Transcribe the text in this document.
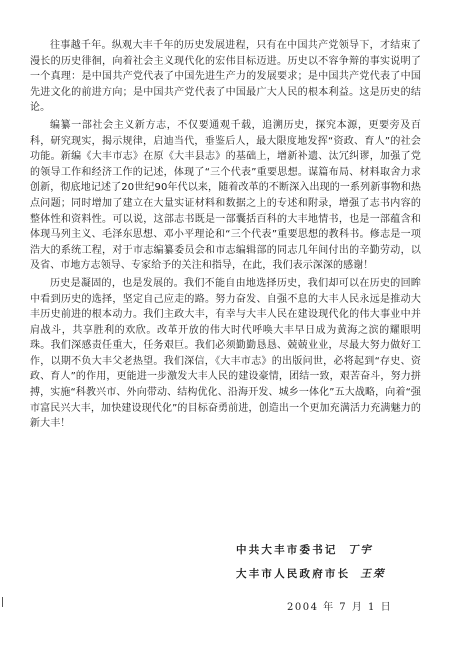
往事越千年。纵观大丰千年的历史发展进程，只有在中国共产党领导下，才结束了漫长的历史徘徊，向着社会主义现代化的宏伟目标迈进。历史以不容争辩的事实说明了一个真理：是中国共产党代表了中国先进生产力的发展要求；是中国共产党代表了中国先进文化的前进方向；是中国共产党代表了中国最广大人民的根本利益。这是历史的结论。

编纂一部社会主义新方志，不仅要通观千载，追溯历史，探究本源，更要旁及百科，研究现实，揭示规律，启迪当代，垂鉴后人，最大限度地发挥“资政、育人”的社会功能。新编《大丰市志》在原《大丰县志》的基础上，增新补遗、汰冗纠谬，加强了党的领导工作和经济工作的记述，体现了“三个代表”重要思想。谋篇布局、材料取舍力求创新，彻底地记述了20世纪90年代以来，随着改革的不断深入出现的一系列新事物和热点问题；同时增加了建立在大量实证材料和数据之上的专述和附录，增强了志书内容的整体性和资料性。可以说，这部志书既是一部囊括百科的大丰地情书，也是一部蕴含和体现马列主义、毛泽东思想、邓小平理论和“三个代表”重要思想的教科书。修志是一项浩大的系统工程，对于市志编纂委员会和市志编辑部的同志几年间付出的辛勤劳动，以及省、市地方志领导、专家给予的关注和指导，在此，我们表示深深的感谢！

历史是凝固的，也是发展的。我们不能自由地选择历史，我们却可以在历史的回眸中看到历史的选择，坚定自己应走的路。努力奋发、自强不息的大丰人民永远是推动大丰历史前进的根本动力。我们主政大丰，有幸与大丰人民在建设现代化的伟大事业中并肩战斗，共享胜利的欢欣。改革开放的伟大时代呼唤大丰早日成为黄海之滨的耀眼明珠。我们深感责任重大，任务艰巨。我们必须勤勤恳恳、兢兢业业，尽最大努力做好工作，以期不负大丰父老热望。我们深信，《大丰市志》的出版问世，必将起到“存史、资政、育人”的作用，更能进一步激发大丰人民的建设豪情，团结一致，艰苦奋斗，努力拼搏，实施“科教兴市、外向带动、结构优化、沿海开发、城乡一体化”五大战略，向着“强市富民兴大丰，加快建设现代化”的目标奋勇前进，创造出一个更加充满活力充满魅力的新大丰！

中共大丰市委书记 丁宇
大丰市人民政府市长 王荣
2004 年 7 月 1 日
